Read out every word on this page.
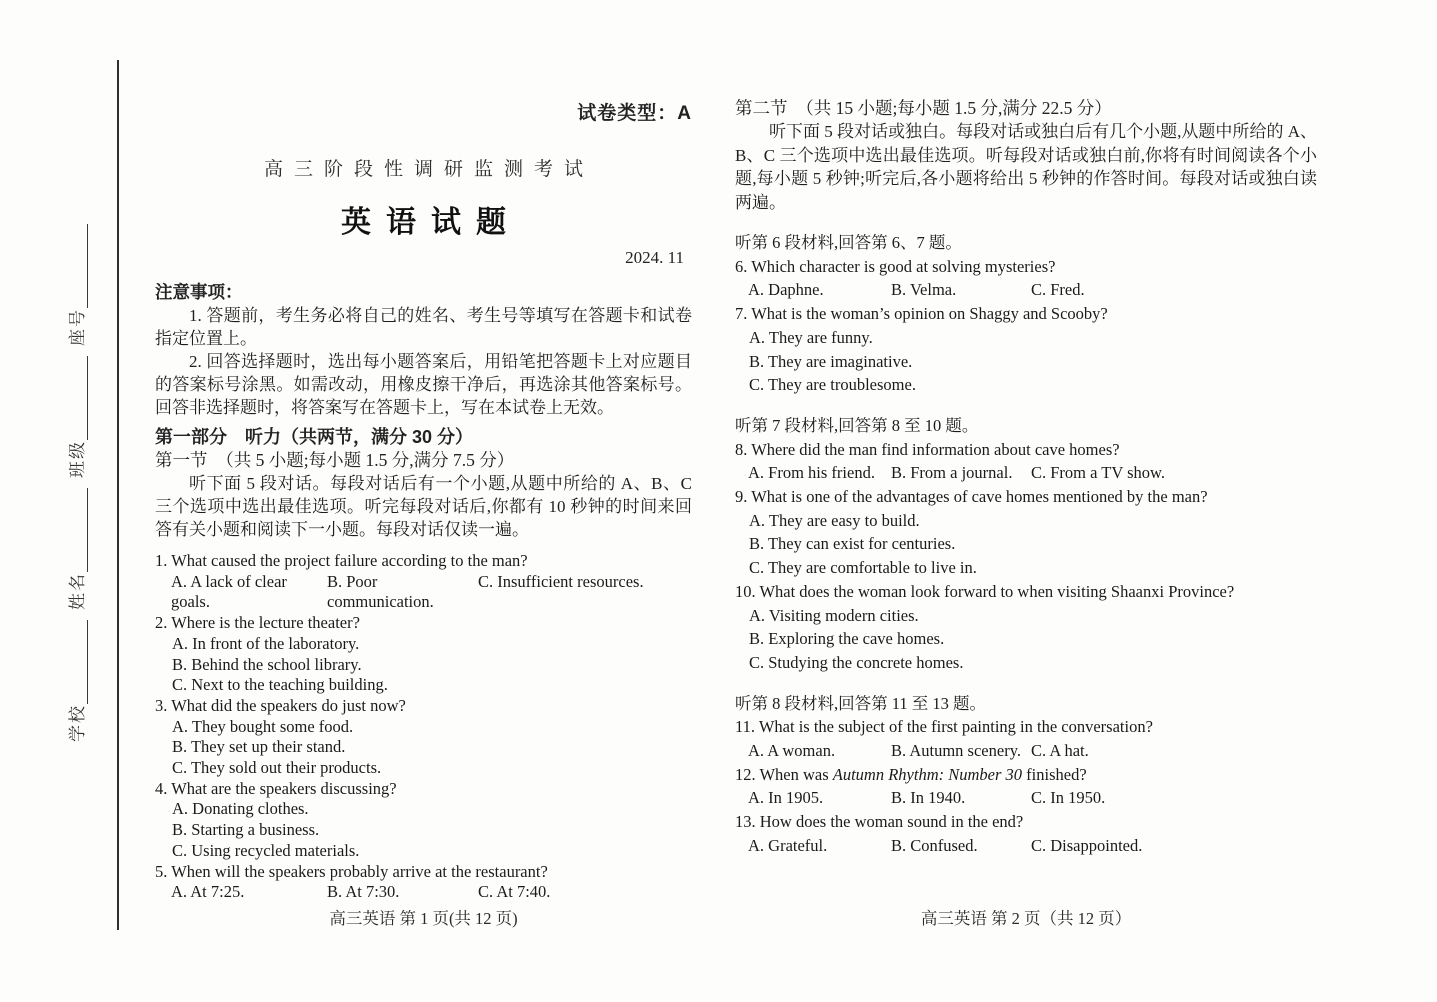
学校
姓名
班级
座号
试卷类型：A
高三阶段性调研监测考试
英语试题
2024. 11
注意事项：

1. 答题前，考生务必将自己的姓名、考生号等填写在答题卡和试卷指定位置上。

2. 回答选择题时，选出每小题答案后，用铅笔把答题卡上对应题目的答案标号涂黑。如需改动，用橡皮擦干净后，再选涂其他答案标号。回答非选择题时，将答案写在答题卡上，写在本试卷上无效。

第一部分　听力（共两节，满分 30 分）

第一节　（共 5 小题;每小题 1.5 分,满分 7.5 分）

听下面 5 段对话。每段对话后有一个小题,从题中所给的 A、B、C 三个选项中选出最佳选项。听完每段对话后,你都有 10 秒钟的时间来回答有关小题和阅读下一小题。每段对话仅读一遍。

1. What caused the project failure according to the man?

A. A lack of clear goals.
B. Poor communication.
C. Insufficient resources.

2. Where is the lecture theater?

A. In front of the laboratory.

B. Behind the school library.

C. Next to the teaching building.

3. What did the speakers do just now?

A. They bought some food.

B. They set up their stand.

C. They sold out their products.

4. What are the speakers discussing?

A. Donating clothes.

B. Starting a business.

C. Using recycled materials.

5. When will the speakers probably arrive at the restaurant?

A. At 7:25.	B. At 7:30.	C. At 7:40.
高三英语 第 1 页(共 12 页)

第二节　（共 15 小题;每小题 1.5 分,满分 22.5 分）

听下面 5 段对话或独白。每段对话或独白后有几个小题,从题中所给的 A、B、C 三个选项中选出最佳选项。听每段对话或独白前,你将有时间阅读各个小题,每小题 5 秒钟;听完后,各小题将给出 5 秒钟的作答时间。每段对话或独白读两遍。

听第 6 段材料,回答第 6、7 题。

6. Which character is good at solving mysteries?

A. Daphne.	B. Velma.	C. Fred.

7. What is the woman’s opinion on Shaggy and Scooby?

A. They are funny.

B. They are imaginative.

C. They are troublesome.

听第 7 段材料,回答第 8 至 10 题。

8. Where did the man find information about cave homes?

A. From his friend. B. From a journal.	C. From a TV show.

9. What is one of the advantages of cave homes mentioned by the man?

A. They are easy to build.

B. They can exist for centuries.

C. They are comfortable to live in.

10. What does the woman look forward to when visiting Shaanxi Province?

A. Visiting modern cities.

B. Exploring the cave homes.

C. Studying the concrete homes.

听第 8 段材料,回答第 11 至 13 题。

11. What is the subject of the first painting in the conversation?

A. A woman.	B. Autumn scenery. C. A hat.

12. When was Autumn Rhythm: Number 30 finished?

A. In 1905.	B. In 1940.	C. In 1950.

13. How does the woman sound in the end?

A. Grateful.	B. Confused.	C. Disappointed.
高三英语 第 2 页（共 12 页）
